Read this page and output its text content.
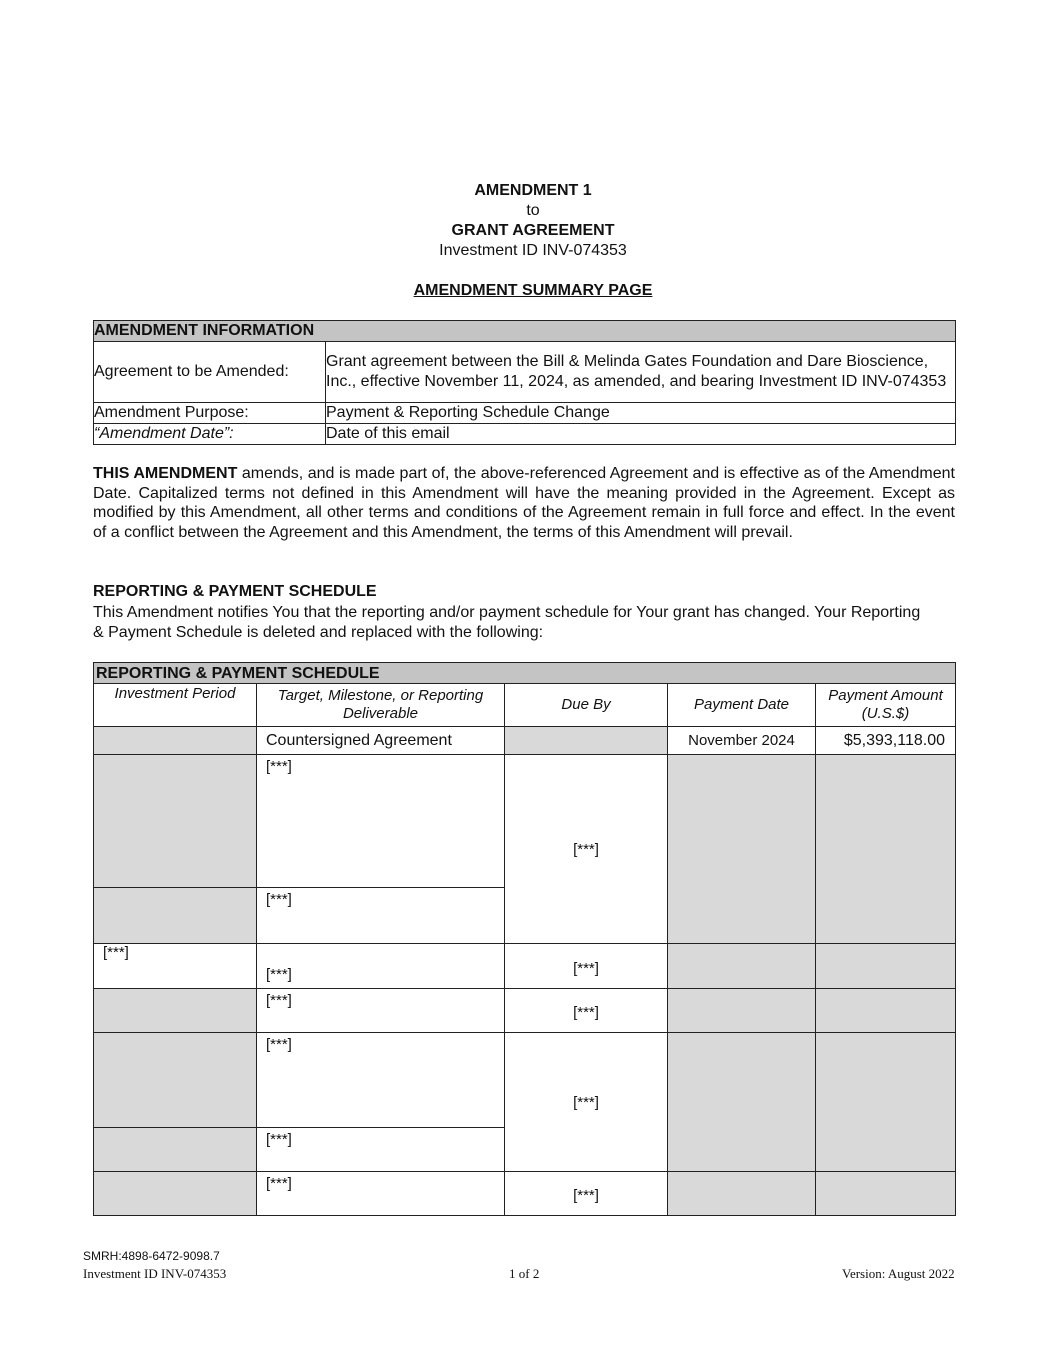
AMENDMENT 1
to
GRANT AGREEMENT
Investment ID INV-074353
AMENDMENT SUMMARY PAGE
AMENDMENT INFORMATION	
Agreement to be Amended:	Grant agreement between the Bill & Melinda Gates Foundation and Dare Bioscience, Inc., effective November 11, 2024, as amended, and bearing Investment ID INV-074353
Amendment Purpose:	Payment & Reporting Schedule Change
“Amendment Date”:	Date of this email
THIS AMENDMENT amends, and is made part of, the above-referenced Agreement and is effective as of the Amendment Date. Capitalized terms not defined in this Amendment will have the meaning provided in the Agreement. Except as modified by this Amendment, all other terms and conditions of the Agreement remain in full force and effect. In the event of a conflict between the Agreement and this Amendment, the terms of this Amendment will prevail.
REPORTING & PAYMENT SCHEDULE
This Amendment notifies You that the reporting and/or payment schedule for Your grant has changed. Your Reporting & Payment Schedule is deleted and replaced with the following:
REPORTING & PAYMENT SCHEDULE				
Investment Period	Target, Milestone, or Reporting Deliverable	Due By	Payment Date	Payment Amount (U.S.$)
	Countersigned Agreement		November 2024	$5,393,118.00
	[***]	[***]		
	[***]			
[***]	[***]	[***]		
	[***]	[***]		
	[***]	[***]		
	[***]			
	[***]	[***]		
SMRH:4898-6472-9098.7
Investment ID INV-074353	1 of 2	Version: August 2022
